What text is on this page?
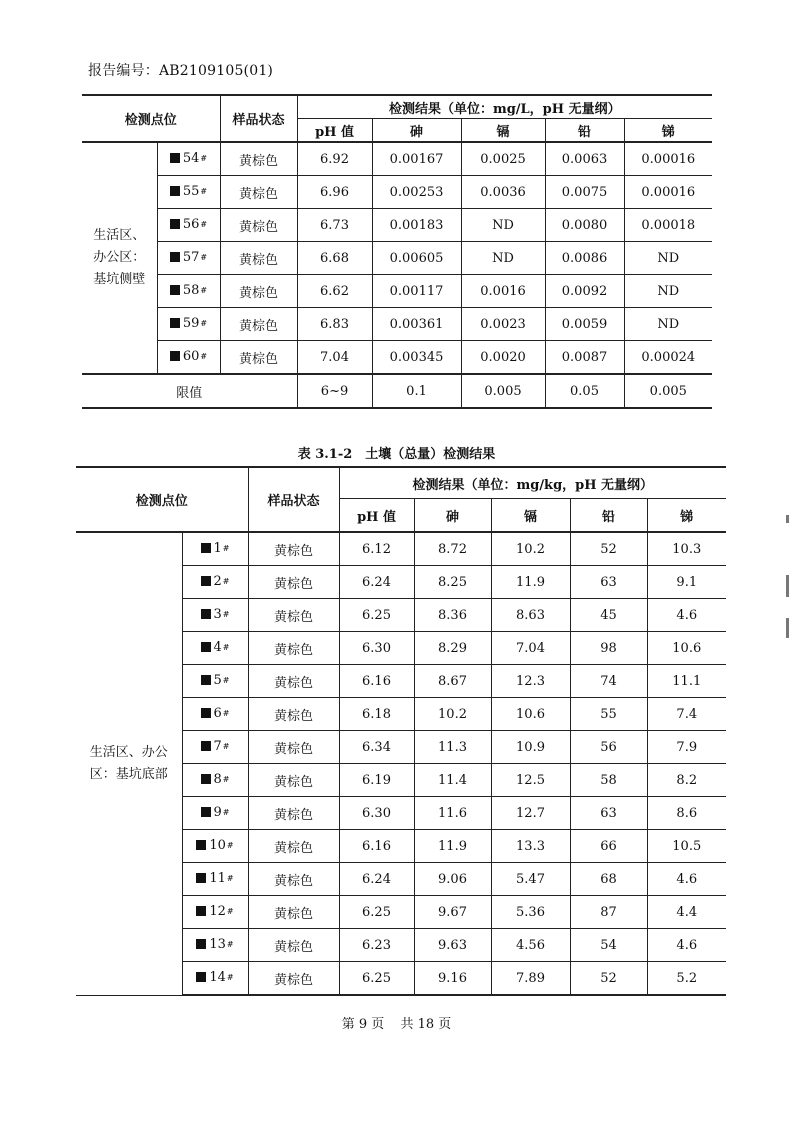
报告编号：AB2109105(01)
检测点位		样品状态	检测结果（单位：mg/L，pH 无量纲）				
			pH 值	砷	镉	铅	锑

生活区、办公区：基坑侧壁	54 #	黄棕色	6.92	0.00167	0.0025	0.0063	0.00016

	55 #	黄棕色	6.96	0.00253	0.0036	0.0075	0.00016

	56 #	黄棕色	6.73	0.00183	ND	0.0080	0.00018

	57 #	黄棕色	6.68	0.00605	ND	0.0086	ND

	58 #	黄棕色	6.62	0.00117	0.0016	0.0092	ND

	59 #	黄棕色	6.83	0.00361	0.0023	0.0059	ND

	60 #	黄棕色	7.04	0.00345	0.0020	0.0087	0.00024
限值			6~9	0.1	0.005	0.05	0.005
表 3.1-2　土壤（总量）检测结果
检测点位		样品状态	检测结果（单位：mg/kg，pH 无量纲）				
			pH 值	砷	镉	铅	锑

生活区、办公区：基坑底部	1 #	黄棕色	6.12	8.72	10.2	52	10.3

	2 #	黄棕色	6.24	8.25	11.9	63	9.1

	3 #	黄棕色	6.25	8.36	8.63	45	4.6

	4 #	黄棕色	6.30	8.29	7.04	98	10.6

	5 #	黄棕色	6.16	8.67	12.3	74	11.1

	6 #	黄棕色	6.18	10.2	10.6	55	7.4

	7 #	黄棕色	6.34	11.3	10.9	56	7.9

	8 #	黄棕色	6.19	11.4	12.5	58	8.2

	9 #	黄棕色	6.30	11.6	12.7	63	8.6

	10 #	黄棕色	6.16	11.9	13.3	66	10.5

	11 #	黄棕色	6.24	9.06	5.47	68	4.6

	12 #	黄棕色	6.25	9.67	5.36	87	4.4

	13 #	黄棕色	6.23	9.63	4.56	54	4.6

	14 #	黄棕色	6.25	9.16	7.89	52	5.2
第 9 页 共 18 页
